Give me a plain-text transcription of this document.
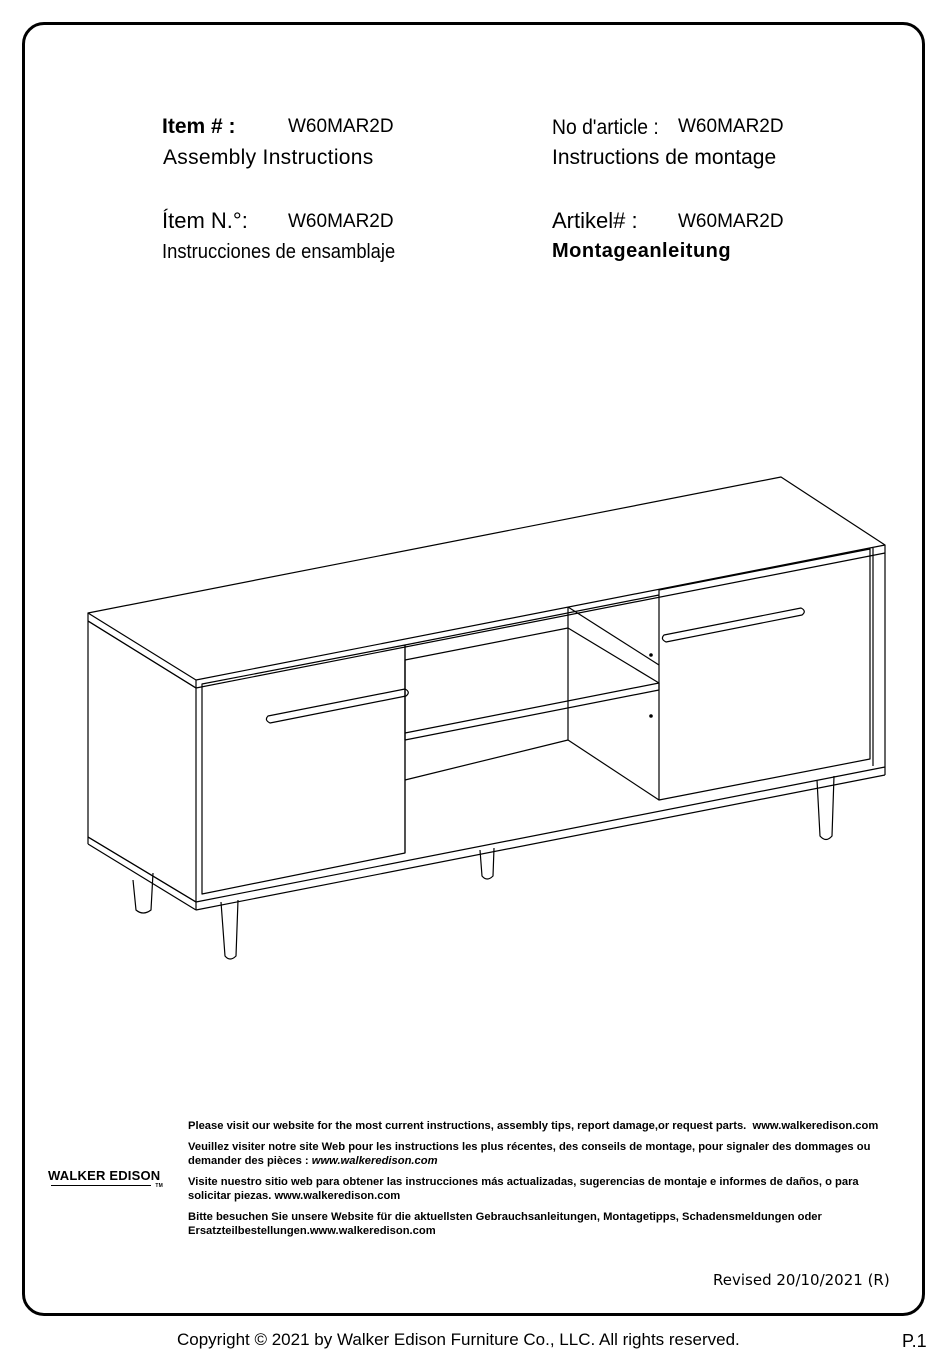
Item # :	W60MAR2D
Assembly Instructions
No d'article : W60MAR2D
Instructions de montage
Ítem N.°: W60MAR2D
Instrucciones de ensamblaje
Artikel# : W60MAR2D
Montageanleitung
WALKER EDISON
TM

Please visit our website for the most current instructions, assembly tips, report damage,or request parts. www.walkeredison.com

Veuillez visiter notre site Web pour les instructions les plus récentes, des conseils de montage, pour signaler des dommages ou demander des pièces : www.walkeredison.com

Visite nuestro sitio web para obtener las instrucciones más actualizadas, sugerencias de montaje e informes de daños, o para solicitar piezas. www.walkeredison.com

Bitte besuchen Sie unsere Website für die aktuellsten Gebrauchsanleitungen, Montagetipps, Schadensmeldungen oder Ersatzteilbestellungen.www.walkeredison.com

Revised 20/10/2021 (R)
Copyright © 2021 by Walker Edison Furniture Co., LLC. All rights reserved.	P.1
